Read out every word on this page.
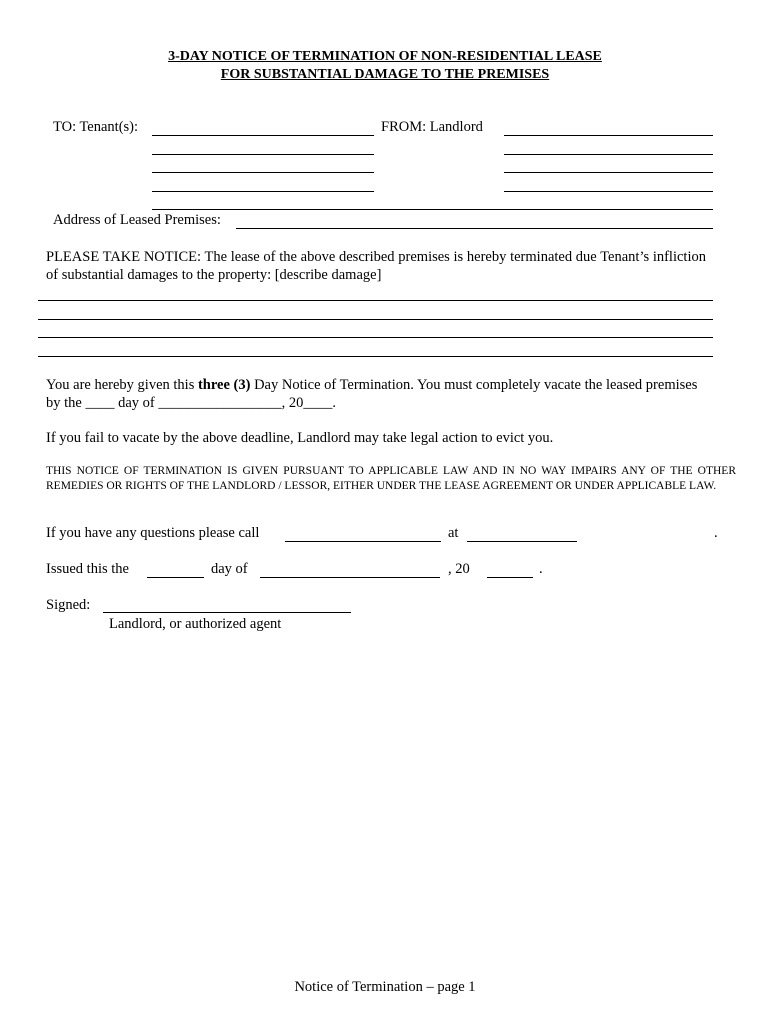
3-DAY NOTICE OF TERMINATION OF NON-RESIDENTIAL LEASE
FOR SUBSTANTIAL DAMAGE TO THE PREMISES
TO: Tenant(s):	FROM: Landlord
Address of Leased Premises:
PLEASE TAKE NOTICE: The lease of the above described premises is hereby terminated due Tenant’s infliction of substantial damages to the property: [describe damage]
You are hereby given this three (3) Day Notice of Termination. You must completely vacate the leased premises by the ____ day of _________________, 20____.
If you fail to vacate by the above deadline, Landlord may take legal action to evict you.
THIS NOTICE OF TERMINATION IS GIVEN PURSUANT TO APPLICABLE LAW AND IN NO WAY IMPAIRS ANY OF THE OTHER REMEDIES OR RIGHTS OF THE LANDLORD / LESSOR, EITHER UNDER THE LEASE AGREEMENT OR UNDER APPLICABLE LAW.
If you have any questions please call	at	.
Issued this the	day of	, 20	.
Signed:
Landlord, or authorized agent
Notice of Termination – page 1
